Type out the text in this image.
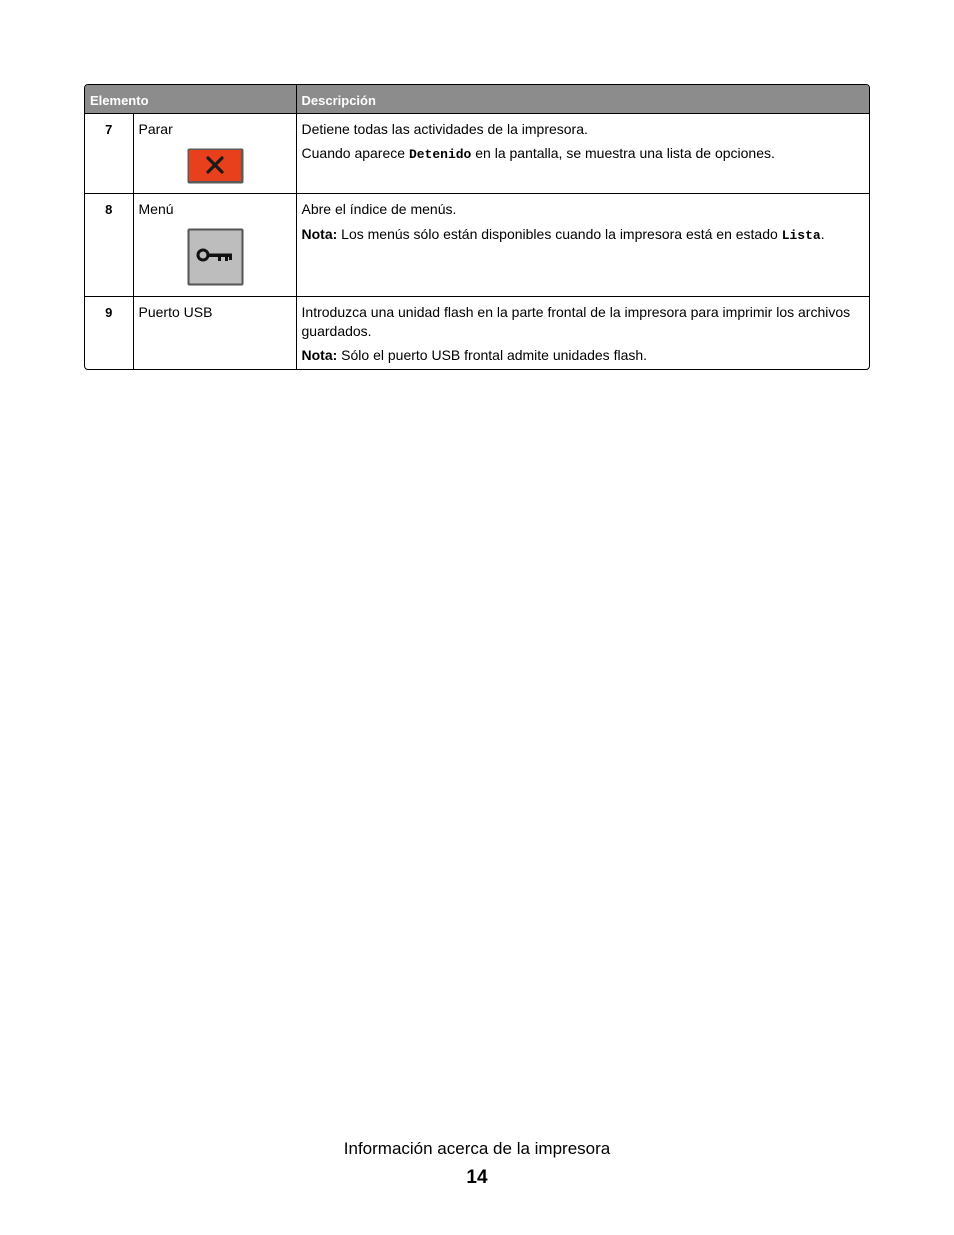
Elemento		Descripción
7	Parar	Detiene todas las actividades de la impresora.

Cuando aparece Detenido en la pantalla, se muestra una lista de opciones.

8	Menú	Abre el índice de menús.

Nota: Los menús sólo están disponibles cuando la impresora está en estado Lista.

9	Puerto USB	Introduzca una unidad flash en la parte frontal de la impresora para imprimir los archivos guardados.

Nota: Sólo el puerto USB frontal admite unidades flash.

Información acerca de la impresora
14
